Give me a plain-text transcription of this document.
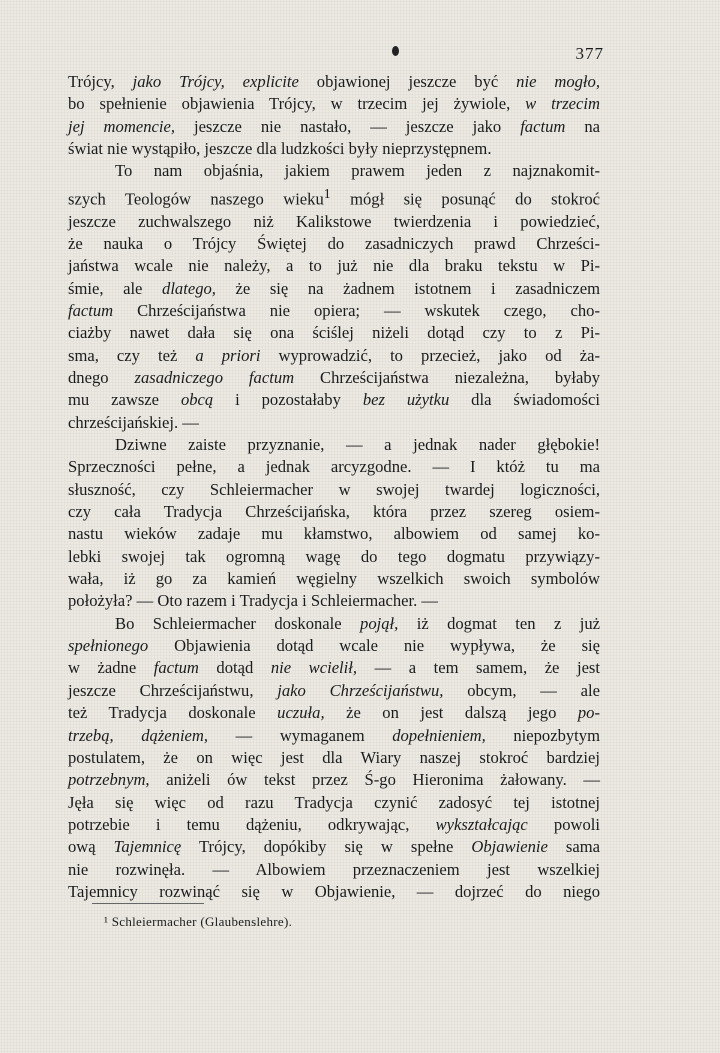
377
Trójcy, jako Trójcy, explicite objawionej jeszcze być nie mogło,
bo spełnienie objawienia Trójcy, w trzecim jej żywiole, w trzecim
jej momencie, jeszcze nie nastało, — jeszcze jako factum na
świat nie wystąpiło, jeszcze dla ludzkości były nieprzystępnem.
To nam objaśnia, jakiem prawem jeden z najznakomit-
szych Teologów naszego wieku$^1$ mógł się posunąć do stokroć
jeszcze zuchwalszego niż Kalikstowe twierdzenia i powiedzieć,
że nauka o Trójcy Świętej do zasadniczych prawd Chrześci-
jaństwa wcale nie należy, a to już nie dla braku tekstu w Pi-
śmie, ale dlatego, że się na żadnem istotnem i zasadniczem
factum Chrześcijaństwa nie opiera; — wskutek czego, cho-
ciażby nawet dała się ona ściślej niżeli dotąd czy to z Pi-
sma, czy też a priori wyprowadzić, to przecież, jako od ża-
dnego zasadniczego factum Chrześcijaństwa niezależna, byłaby
mu zawsze obcą i pozostałaby bez użytku dla świadomości
chrześcijańskiej. —
Dziwne zaiste przyznanie, — a jednak nader głębokie!
Sprzeczności pełne, a jednak arcyzgodne. — I któż tu ma
słuszność, czy Schleiermacher w swojej twardej logiczności,
czy cała Tradycja Chrześcijańska, która przez szereg osiem-
nastu wieków zadaje mu kłamstwo, albowiem od samej ko-
lebki swojej tak ogromną wagę do tego dogmatu przywiązy-
wała, iż go za kamień węgielny wszelkich swoich symbolów
położyła? — Oto razem i Tradycja i Schleiermacher. —
Bo Schleiermacher doskonale pojął, iż dogmat ten z już
spełnionego Objawienia dotąd wcale nie wypływa, że się
w żadne factum dotąd nie wcielił, — a tem samem, że jest
jeszcze Chrześcijaństwu, jako Chrześcijaństwu, obcym, — ale
też Tradycja doskonale uczuła, że on jest dalszą jego po-
trzebą, dążeniem, — wymaganem dopełnieniem, niepozbytym
postulatem, że on więc jest dla Wiary naszej stokroć bardziej
potrzebnym, aniżeli ów tekst przez Ś-go Hieronima żałowany. —
Jęła się więc od razu Tradycja czynić zadosyć tej istotnej
potrzebie i temu dążeniu, odkrywając, wykształcając powoli
ową Tajemnicę Trójcy, dopókiby się w spełne Objawienie sama
nie rozwinęła. — Albowiem przeznaczeniem jest wszelkiej
Tajemnicy rozwinąć się w Objawienie, — dojrzeć do niego
¹ Schleiermacher (Glaubenslehre).
